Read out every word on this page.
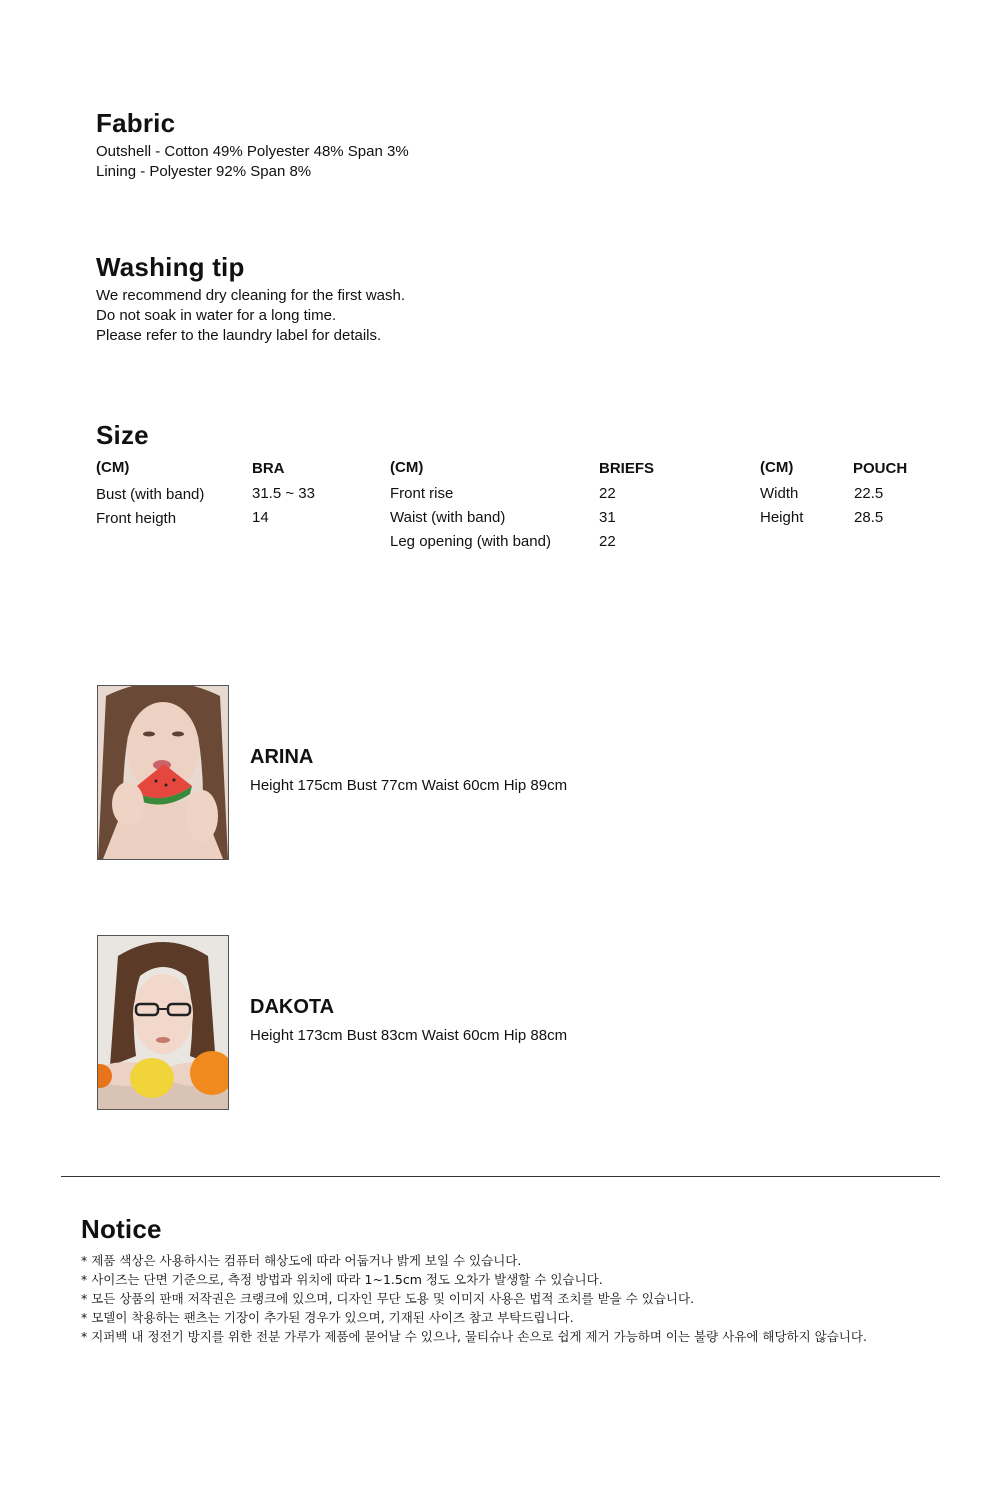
Fabric
Outshell - Cotton 49% Polyester 48% Span 3%
Lining - Polyester 92% Span 8%
Washing tip
We recommend dry cleaning for the first wash.
Do not soak in water for a long time.
Please refer to the laundry label for details.
Size
(CM)	BRA
Bust (with band)	31.5 ~ 33
Front heigth	14
(CM)	BRIEFS
Front rise	22
Waist (with band)	31
Leg opening (with band)	22
(CM)	POUCH
Width	22.5
Height	28.5
ARINA
Height 175cm Bust 77cm Waist 60cm Hip 89cm
DAKOTA
Height 173cm Bust 83cm Waist 60cm Hip 88cm
Notice
* 제품 색상은 사용하시는 컴퓨터 해상도에 따라 어둡거나 밝게 보일 수 있습니다.
* 사이즈는 단면 기준으로, 측정 방법과 위치에 따라 1~1.5cm 정도 오차가 발생할 수 있습니다.
* 모든 상품의 판매 저작권은 크랭크에 있으며, 디자인 무단 도용 및 이미지 사용은 법적 조치를 받을 수 있습니다.
* 모델이 착용하는 팬츠는 기장이 추가된 경우가 있으며, 기재된 사이즈 참고 부탁드립니다.
* 지퍼백 내 정전기 방지를 위한 전분 가루가 제품에 묻어날 수 있으나, 물티슈나 손으로 쉽게 제거 가능하며 이는 불량 사유에 해당하지 않습니다.
